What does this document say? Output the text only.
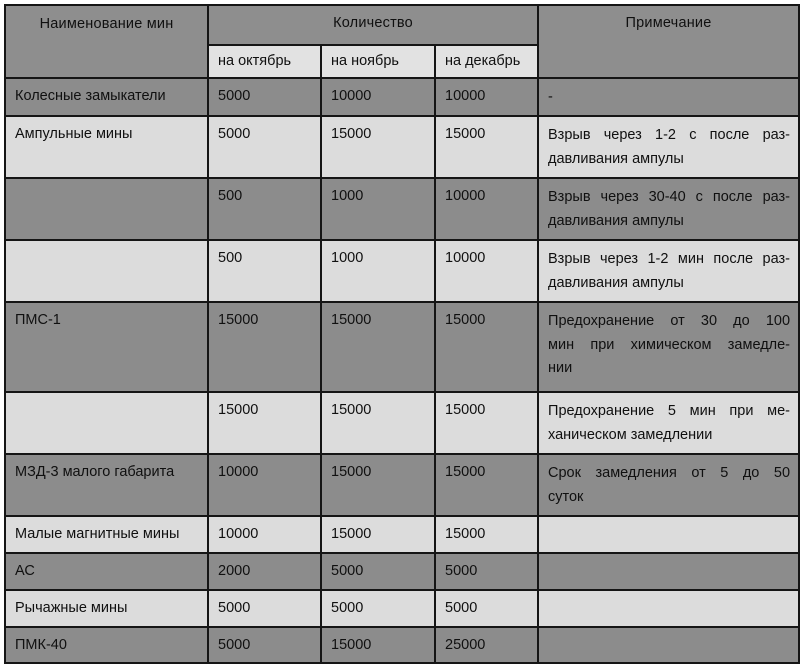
Наименование мин	Количество			Примечание

	на октябрь	на ноябрь	на декабрь	

Колесные замыкатели	5000	10000	10000	-

Ампульные мины	5000	15000	15000	Взрыв через 1-2 с после раз-
давливания ампулы

	500	1000	10000	Взрыв через 30-40 с после раз-
давливания ампулы

	500	1000	10000	Взрыв через 1-2 мин после раз-
давливания ампулы

ПМС-1	15000	15000	15000	Предохранение от 30 до 100
мин при химическом замедле-
нии

	15000	15000	15000	Предохранение 5 мин при ме-
ханическом замедлении

МЗД-3 малого габарита	10000	15000	15000	Срок замедления от 5 до 50
суток

Малые магнитные мины	10000	15000	15000	

АС	2000	5000	5000	

Рычажные мины	5000	5000	5000	

ПМК-40	5000	15000	25000	
